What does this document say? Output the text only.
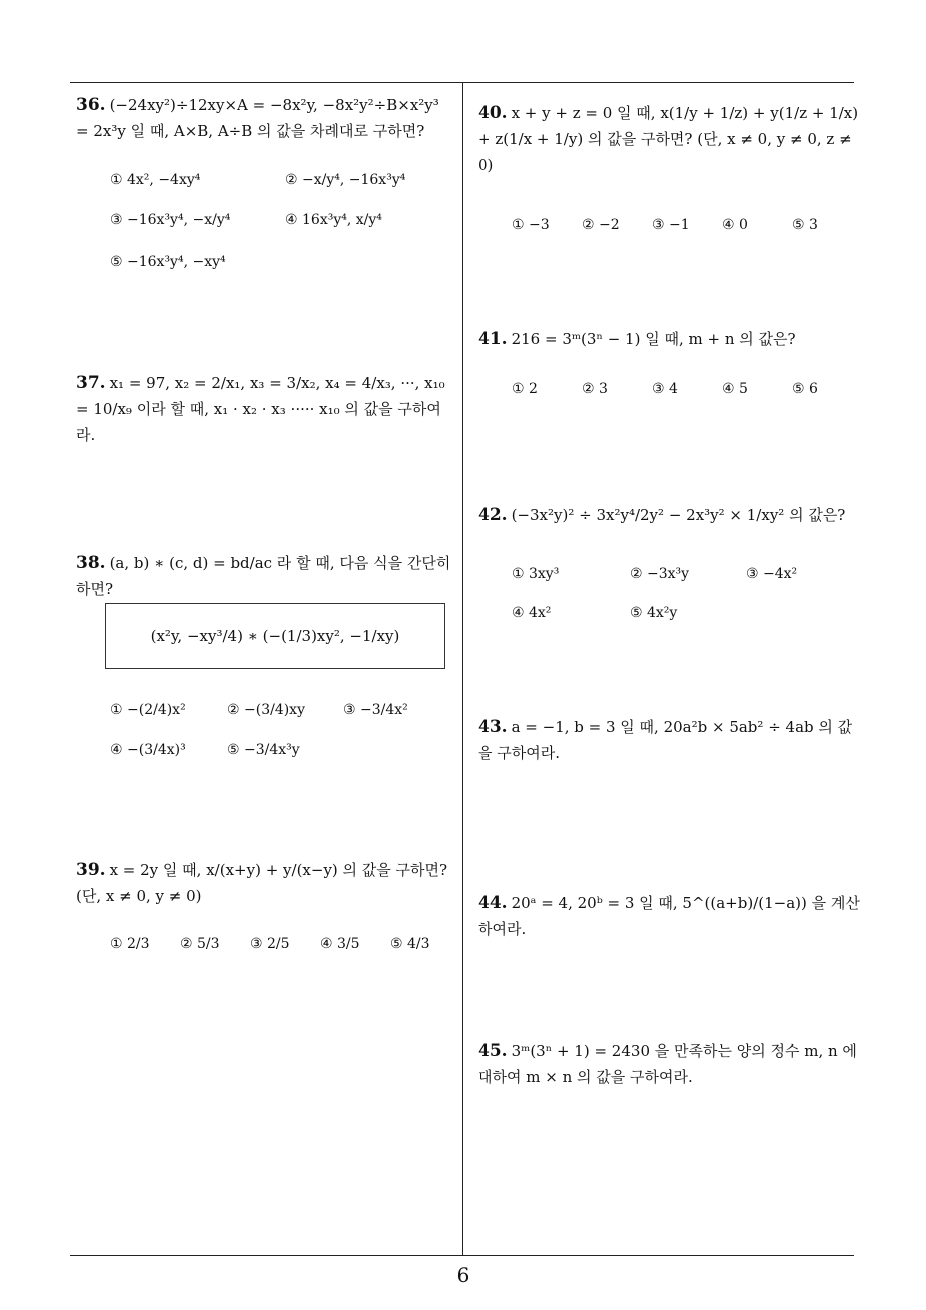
36. (−24xy²)÷12xy×A = −8x²y, −8x²y²÷B×x²y³ = 2x³y 일 때, A×B, A÷B 의 값을 차례대로 구하면?
① 4x², −4xy⁴	② −x/y⁴, −16x³y⁴
③ −16x³y⁴, −x/y⁴	④ 16x³y⁴, x/y⁴
⑤ −16x³y⁴, −xy⁴
37. x₁ = 97, x₂ = 2/x₁, x₃ = 3/x₂, x₄ = 4/x₃, ···, x₁₀ = 10/x₉ 이라 할 때, x₁ · x₂ · x₃ ····· x₁₀ 의 값을 구하여라.
38. (a, b) ∗ (c, d) = bd/ac 라 할 때, 다음 식을 간단히 하면?
(x²y, −xy³/4) ∗ (−(1/3)xy², −1/xy)
① −(2/4)x²	② −(3/4)xy	③ −3/4x²
④ −(3/4x)³	⑤ −3/4x³y
39. x = 2y 일 때, x/(x+y) + y/(x−y) 의 값을 구하면? (단, x ≠ 0, y ≠ 0)
① 2/3 ② 5/3 ③ 2/5 ④ 3/5 ⑤ 4/3
40. x + y + z = 0 일 때, x(1/y + 1/z) + y(1/z + 1/x) + z(1/x + 1/y) 의 값을 구하면? (단, x ≠ 0, y ≠ 0, z ≠ 0)
① −3 ② −2 ③ −1 ④ 0	⑤ 3
41. 216 = 3ᵐ(3ⁿ − 1) 일 때, m + n 의 값은?
① 2	② 3	③ 4	④ 5	⑤ 6
42. (−3x²y)² ÷ 3x²y⁴/2y² − 2x³y² × 1/xy² 의 값은?
① 3xy³	② −3x³y	③ −4x²
④ 4x²	⑤ 4x²y
43. a = −1, b = 3 일 때, 20a²b × 5ab² ÷ 4ab 의 값을 구하여라.
44. 20ᵃ = 4, 20ᵇ = 3 일 때, 5^((a+b)/(1−a)) 을 계산하여라.
45. 3ᵐ(3ⁿ + 1) = 2430 을 만족하는 양의 정수 m, n 에 대하여 m × n 의 값을 구하여라.
6
